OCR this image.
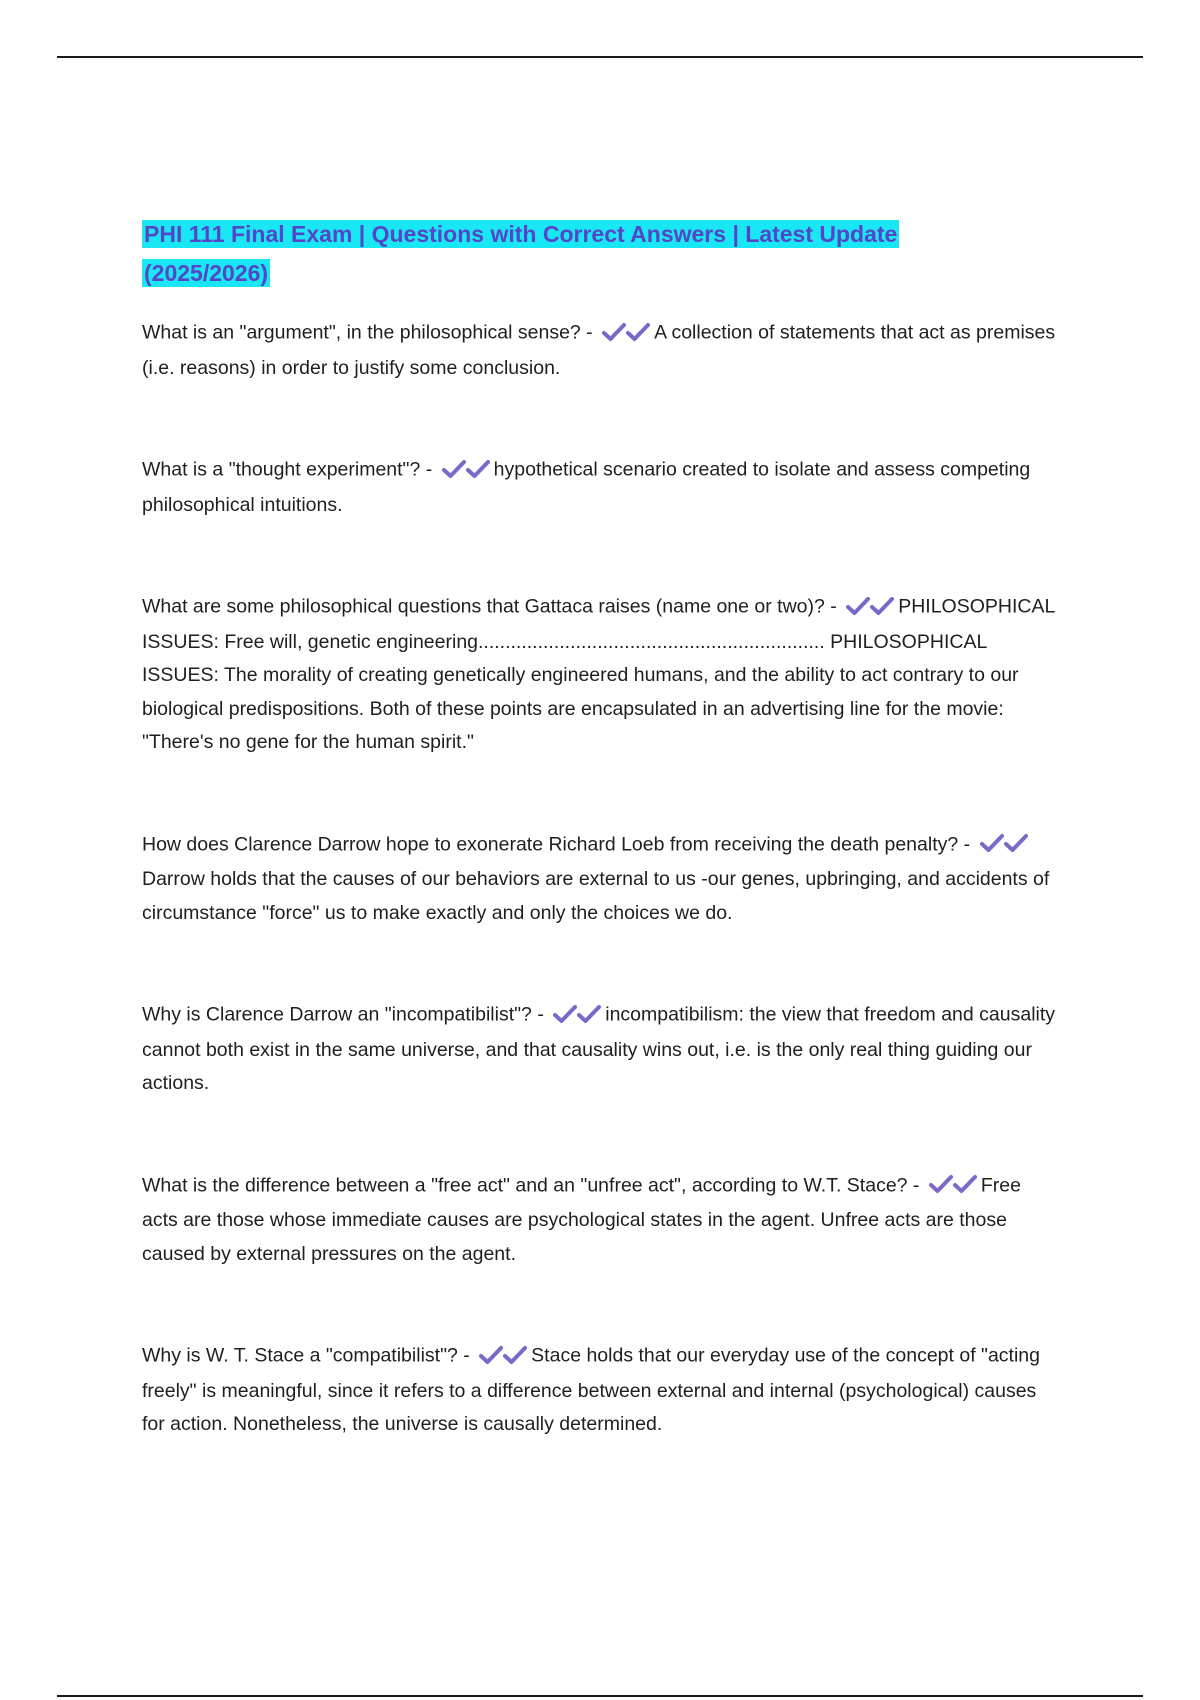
PHI 111 Final Exam | Questions with Correct Answers | Latest Update
(2025/2026)

What is an "argument", in the philosophical sense? -	A collection of statements that act as premises (i.e. reasons) in order to justify some conclusion.

What is a "thought experiment"? -	hypothetical scenario created to isolate and assess competing philosophical intuitions.

What are some philosophical questions that Gattaca raises (name one or two)? -	PHILOSOPHICAL ISSUES: Free will, genetic engineering................................................................ PHILOSOPHICAL ISSUES: The morality of creating genetically engineered humans, and the ability to act contrary to our biological predispositions. Both of these points are encapsulated in an advertising line for the movie: "There's no gene for the human spirit."

How does Clarence Darrow hope to exonerate Richard Loeb from receiving the death penalty? -
Darrow holds that the causes of our behaviors are external to us -our genes, upbringing, and accidents of circumstance "force" us to make exactly and only the choices we do.

Why is Clarence Darrow an "incompatibilist"? -	incompatibilism: the view that freedom and causality cannot both exist in the same universe, and that causality wins out, i.e. is the only real thing guiding our actions.

What is the difference between a "free act" and an "unfree act", according to W.T. Stace? -	Free acts are those whose immediate causes are psychological states in the agent. Unfree acts are those caused by external pressures on the agent.

Why is W. T. Stace a "compatibilist"? -	Stace holds that our everyday use of the concept of "acting freely" is meaningful, since it refers to a difference between external and internal (psychological) causes for action. Nonetheless, the universe is causally determined.
